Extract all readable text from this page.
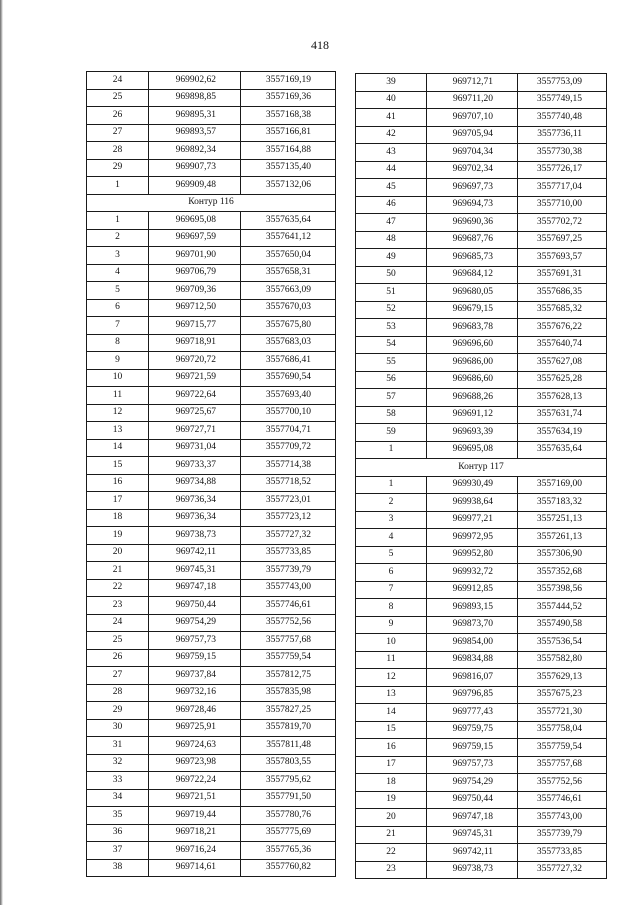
418
24	969902,62	3557169,19
25	969898,85	3557169,36
26	969895,31	3557168,38
27	969893,57	3557166,81
28	969892,34	3557164,88
29	969907,73	3557135,40
1	969909,48	3557132,06
Контур 116		
1	969695,08	3557635,64
2	969697,59	3557641,12
3	969701,90	3557650,04
4	969706,79	3557658,31
5	969709,36	3557663,09
6	969712,50	3557670,03
7	969715,77	3557675,80
8	969718,91	3557683,03
9	969720,72	3557686,41
10	969721,59	3557690,54
11	969722,64	3557693,40
12	969725,67	3557700,10
13	969727,71	3557704,71
14	969731,04	3557709,72
15	969733,37	3557714,38
16	969734,88	3557718,52
17	969736,34	3557723,01
18	969736,34	3557723,12
19	969738,73	3557727,32
20	969742,11	3557733,85
21	969745,31	3557739,79
22	969747,18	3557743,00
23	969750,44	3557746,61
24	969754,29	3557752,56
25	969757,73	3557757,68
26	969759,15	3557759,54
27	969737,84	3557812,75
28	969732,16	3557835,98
29	969728,46	3557827,25
30	969725,91	3557819,70
31	969724,63	3557811,48
32	969723,98	3557803,55
33	969722,24	3557795,62
34	969721,51	3557791,50
35	969719,44	3557780,76
36	969718,21	3557775,69
37	969716,24	3557765,36
38	969714,61	3557760,82
39	969712,71	3557753,09
40	969711,20	3557749,15
41	969707,10	3557740,48
42	969705,94	3557736,11
43	969704,34	3557730,38
44	969702,34	3557726,17
45	969697,73	3557717,04
46	969694,73	3557710,00
47	969690,36	3557702,72
48	969687,76	3557697,25
49	969685,73	3557693,57
50	969684,12	3557691,31
51	969680,05	3557686,35
52	969679,15	3557685,32
53	969683,78	3557676,22
54	969696,60	3557640,74
55	969686,00	3557627,08
56	969686,60	3557625,28
57	969688,26	3557628,13
58	969691,12	3557631,74
59	969693,39	3557634,19
1	969695,08	3557635,64
Контур 117		
1	969930,49	3557169,00
2	969938,64	3557183,32
3	969977,21	3557251,13
4	969972,95	3557261,13
5	969952,80	3557306,90
6	969932,72	3557352,68
7	969912,85	3557398,56
8	969893,15	3557444,52
9	969873,70	3557490,58
10	969854,00	3557536,54
11	969834,88	3557582,80
12	969816,07	3557629,13
13	969796,85	3557675,23
14	969777,43	3557721,30
15	969759,75	3557758,04
16	969759,15	3557759,54
17	969757,73	3557757,68
18	969754,29	3557752,56
19	969750,44	3557746,61
20	969747,18	3557743,00
21	969745,31	3557739,79
22	969742,11	3557733,85
23	969738,73	3557727,32
